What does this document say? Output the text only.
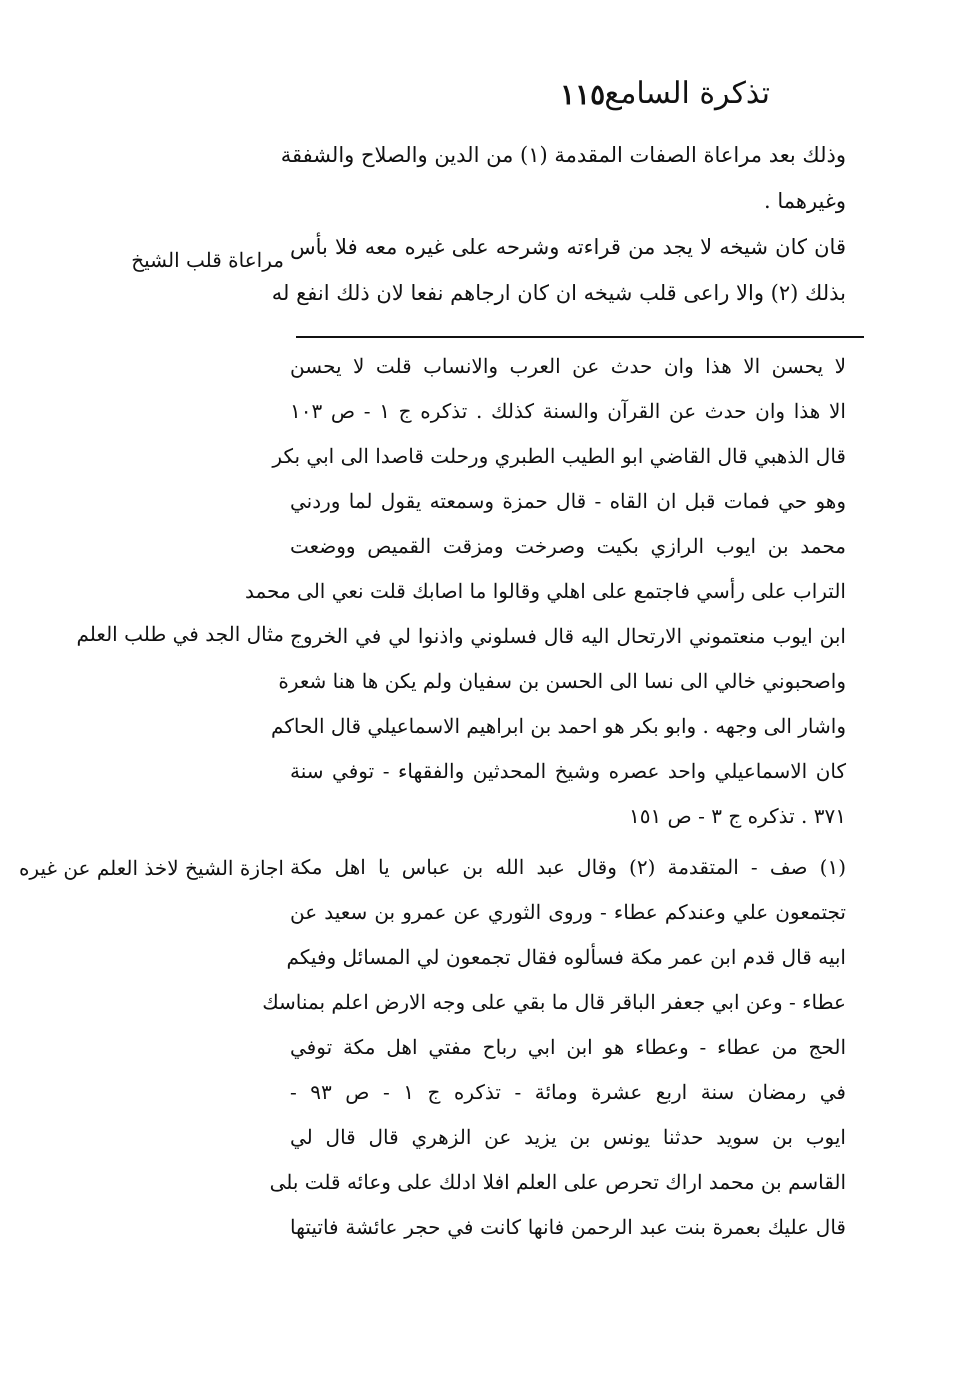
تذكرة السامع
١١٥
وذلك بعد مراعاة الصفات المقدمة (١) من الدين والصلاح والشفقة
وغيرهما .
قان كان شيخه لا يجد من قراءته وشرحه على غيره معه فلا بأس
بذلك (٢) والا راعى قلب شيخه ان كان ارجاهم نفعا لان ذلك انفع له
مراعاة قلب الشيخ
مثال الجد في طلب العلم
اجازة الشيخ لاخذ العلم عن غيره
لا يحسن الا هذا وان حدث عن العرب والانساب قلت لا يحسن
الا هذا وان حدث عن القرآن والسنة كذلك . تذكره ج ١ - ص ١٠٣
قال الذهبي قال القاضي ابو الطيب الطبري ورحلت قاصدا الى ابي بكر
وهو حي فمات قبل ان القاه - قال حمزة وسمعته يقول لما وردني
محمد بن ايوب الرازي بكيت وصرخت ومزقت القميص ووضعت
التراب على رأسي فاجتمع على اهلي وقالوا ما اصابك قلت نعي الى محمد
ابن ايوب منعتموني الارتحال اليه قال فسلوني واذنوا لي في الخروج
واصحبوني خالي الى نسا الى الحسن بن سفيان ولم يكن ها هنا شعرة
واشار الى وجهه . وابو بكر هو احمد بن ابراهيم الاسماعيلي قال الحاكم
كان الاسماعيلي واحد عصره وشيخ المحدثين والفقهاء - توفي سنة
٣٧١ . تذكره ج ٣ - ص ١٥١
(١) صف - المتقدمة (٢) وقال عبد الله بن عباس يا اهل مكة
تجتمعون علي وعندكم عطاء - وروى الثوري عن عمرو بن سعيد عن
ابيه قال قدم ابن عمر مكة فسألوه فقال تجمعون لي المسائل وفيكم
عطاء - وعن ابي جعفر الباقر قال ما بقي على وجه الارض اعلم بمناسك
الحج من عطاء - وعطاء هو ابن ابي رباح مفتي اهل مكة توفي
في رمضان سنة اربع عشرة ومائة - تذكره ج ١ - ص ٩٣ -
ايوب بن سويد حدثنا يونس بن يزيد عن الزهري قال قال لي
القاسم بن محمد اراك تحرص على العلم افلا ادلك على وعائه قلت بلى
قال عليك بعمرة بنت عبد الرحمن فانها كانت في حجر عائشة فاتيتها
